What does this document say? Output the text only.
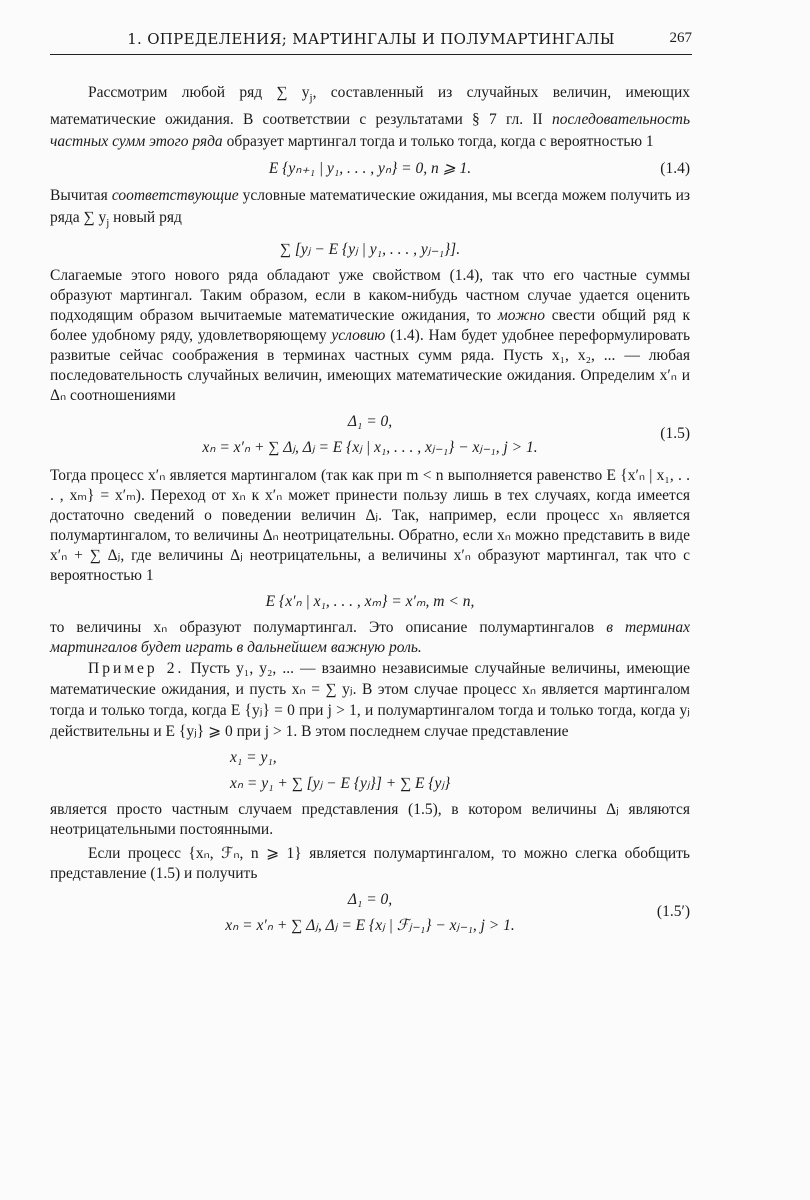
1. ОПРЕДЕЛЕНИЯ; МАРТИНГАЛЫ И ПОЛУМАРТИНГАЛЫ	267

Рассмотрим любой ряд ∑ $y_j$, составленный из случайных величин, имеющих математические ожидания. В соответствии с результатами § 7 гл. II последовательность частных сумм этого ряда образует мартингал тогда и только тогда, когда с вероятностью 1

E {yₙ₊₁ | y₁, . . . , yₙ} = 0, n ⩾ 1.	(1.4)

Вычитая соответствующие условные математические ожидания, мы всегда можем получить из ряда ∑ $y_j$ новый ряд

∑ [yⱼ − E {yⱼ | y₁, . . . , yⱼ₋₁}].

Слагаемые этого нового ряда обладают уже свойством (1.4), так что его частные суммы образуют мартингал. Таким образом, если в каком-нибудь частном случае удается оценить подходящим образом вычитаемые математические ожидания, то можно свести общий ряд к более удобному ряду, удовлетворяющему условию (1.4). Нам будет удобнее переформулировать развитые сейчас соображения в терминах частных сумм ряда. Пусть x₁, x₂, ... — любая последовательность случайных величин, имеющих математические ожидания. Определим x′ₙ и Δₙ соотношениями

Δ₁ = 0,
xₙ = x′ₙ + ∑ Δⱼ, Δⱼ = E {xⱼ | x₁, . . . , xⱼ₋₁} − xⱼ₋₁, j > 1.
(1.5)

Тогда процесс x′ₙ является мартингалом (так как при m < n выполняется равенство E {x′ₙ | x₁, . . . , xₘ} = x′ₘ). Переход от xₙ к x′ₙ может принести пользу лишь в тех случаях, когда имеется достаточно сведений о поведении величин Δⱼ. Так, например, если процесс xₙ является полумартингалом, то величины Δₙ неотрицательны. Обратно, если xₙ можно представить в виде x′ₙ + ∑ Δⱼ, где величины Δⱼ неотрицательны, а величины x′ₙ образуют мартингал, так что с вероятностью 1

E {x′ₙ | x₁, . . . , xₘ} = x′ₘ, m < n,

то величины xₙ образуют полумартингал. Это описание полумартингалов в терминах мартингалов будет играть в дальнейшем важную роль.

Пример 2. Пусть y₁, y₂, ... — взаимно независимые случайные величины, имеющие математические ожидания, и пусть xₙ = ∑ yⱼ. В этом случае процесс xₙ является мартингалом тогда и только тогда, когда E {yⱼ} = 0 при j > 1, и полумартингалом тогда и только тогда, когда yⱼ действительны и E {yⱼ} ⩾ 0 при j > 1. В этом последнем случае представление

x₁ = y₁,
xₙ = y₁ + ∑ [yⱼ − E {yⱼ}] + ∑ E {yⱼ}

является просто частным случаем представления (1.5), в котором величины Δⱼ являются неотрицательными постоянными.

Если процесс {xₙ, ℱₙ, n ⩾ 1} является полумартингалом, то можно слегка обобщить представление (1.5) и получить

Δ₁ = 0,
xₙ = x′ₙ + ∑ Δⱼ, Δⱼ = E {xⱼ | ℱⱼ₋₁} − xⱼ₋₁, j > 1.
(1.5′)
